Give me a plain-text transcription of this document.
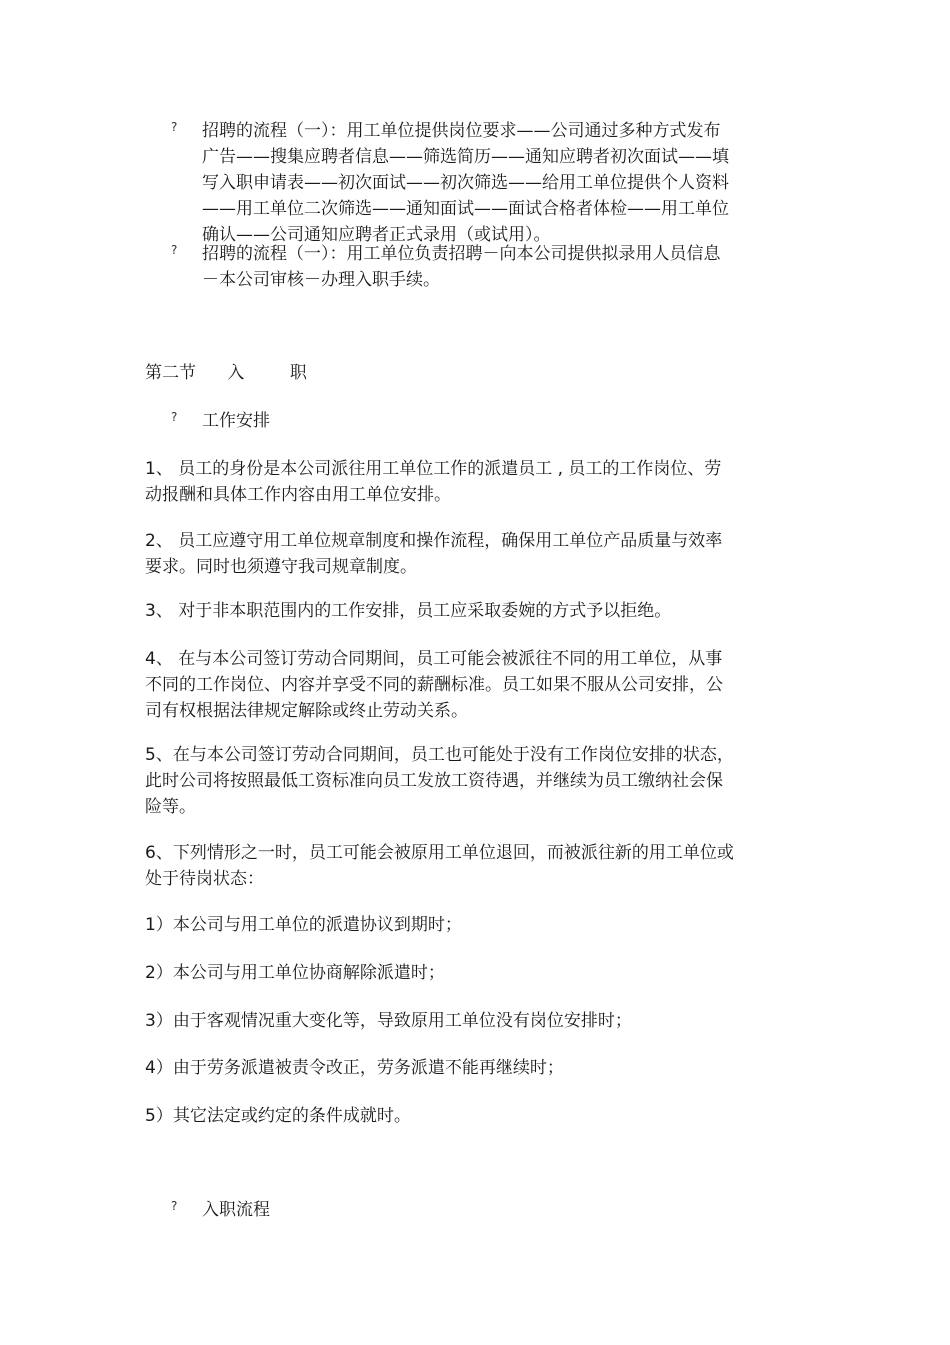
? 招聘的流程（一）：用工单位提供岗位要求——公司通过多种方式发布
广告——搜集应聘者信息——筛选简历——通知应聘者初次面试——填
写入职申请表——初次面试——初次筛选——给用工单位提供个人资料
——用工单位二次筛选——通知面试——面试合格者体检——用工单位
确认——公司通知应聘者正式录用（或试用）。
? 招聘的流程（一）：用工单位负责招聘－向本公司提供拟录用人员信息
－本公司审核－办理入职手续。
第二节 入	职
? 工作安排
1、 员工的身份是本公司派往用工单位工作的派遣员工 , 员工的工作岗位、劳
动报酬和具体工作内容由用工单位安排。
2、 员工应遵守用工单位规章制度和操作流程，确保用工单位产品质量与效率
要求。同时也须遵守我司规章制度。
3、 对于非本职范围内的工作安排，员工应采取委婉的方式予以拒绝。
4、 在与本公司签订劳动合同期间，员工可能会被派往不同的用工单位，从事
不同的工作岗位、内容并享受不同的薪酬标准。员工如果不服从公司安排，公
司有权根据法律规定解除或终止劳动关系。
5、在与本公司签订劳动合同期间，员工也可能处于没有工作岗位安排的状态，
此时公司将按照最低工资标准向员工发放工资待遇，并继续为员工缴纳社会保
险等。
6、下列情形之一时，员工可能会被原用工单位退回，而被派往新的用工单位或
处于待岗状态：
1）本公司与用工单位的派遣协议到期时；
2）本公司与用工单位协商解除派遣时；
3）由于客观情况重大变化等，导致原用工单位没有岗位安排时；
4）由于劳务派遣被责令改正，劳务派遣不能再继续时；
5）其它法定或约定的条件成就时。
? 入职流程
